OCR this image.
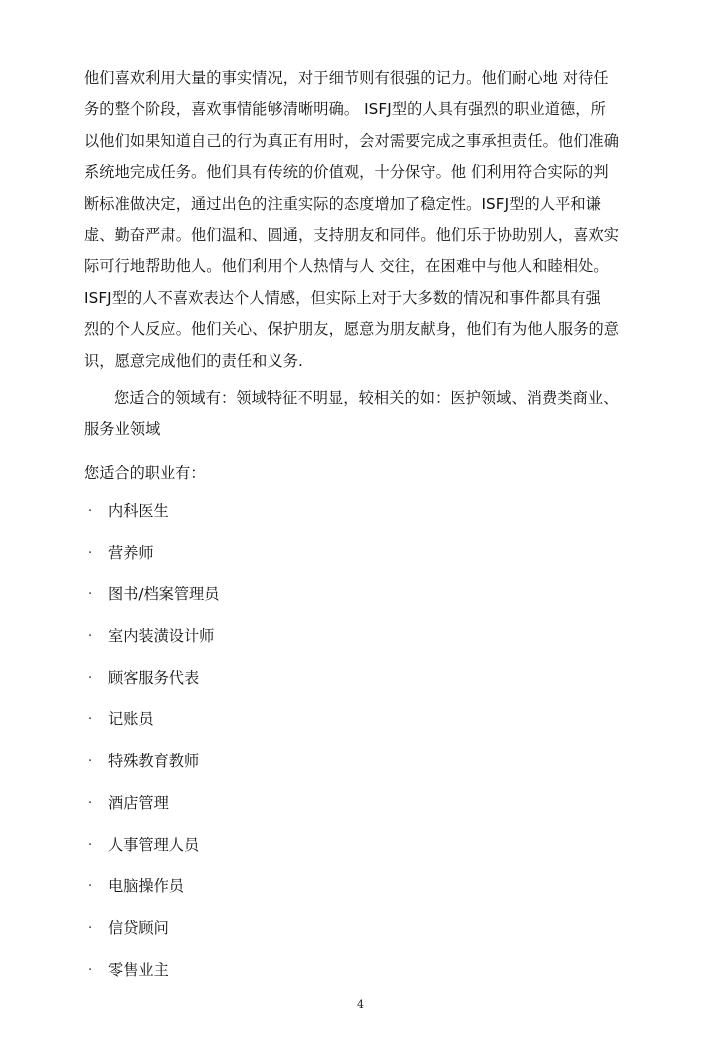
他们喜欢利用大量的事实情况，对于细节则有很强的记力。他们耐心地 对待任
务的整个阶段，喜欢事情能够清晰明确。 ISFJ型的人具有强烈的职业道德，所
以他们如果知道自己的行为真正有用时，会对需要完成之事承担责任。他们准确
系统地完成任务。他们具有传统的价值观，十分保守。他 们利用符合实际的判
断标准做决定，通过出色的注重实际的态度增加了稳定性。ISFJ型的人平和谦
虚、勤奋严肃。他们温和、圆通，支持朋友和同伴。他们乐于协助别人，喜欢实
际可行地帮助他人。他们利用个人热情与人 交往，在困难中与他人和睦相处。
ISFJ型的人不喜欢表达个人情感，但实际上对于大多数的情况和事件都具有强
烈的个人反应。他们关心、保护朋友，愿意为朋友献身，他们有为他人服务的意
识，愿意完成他们的责任和义务.
您适合的领域有：领域特征不明显，较相关的如：医护领域、消费类商业、
服务业领域
您适合的职业有：
·	内科医生
·	营养师
·	图书/档案管理员
·	室内装潢设计师
·	顾客服务代表
·	记账员
·	特殊教育教师
·	酒店管理
·	人事管理人员
·	电脑操作员
·	信贷顾问
·	零售业主
4
